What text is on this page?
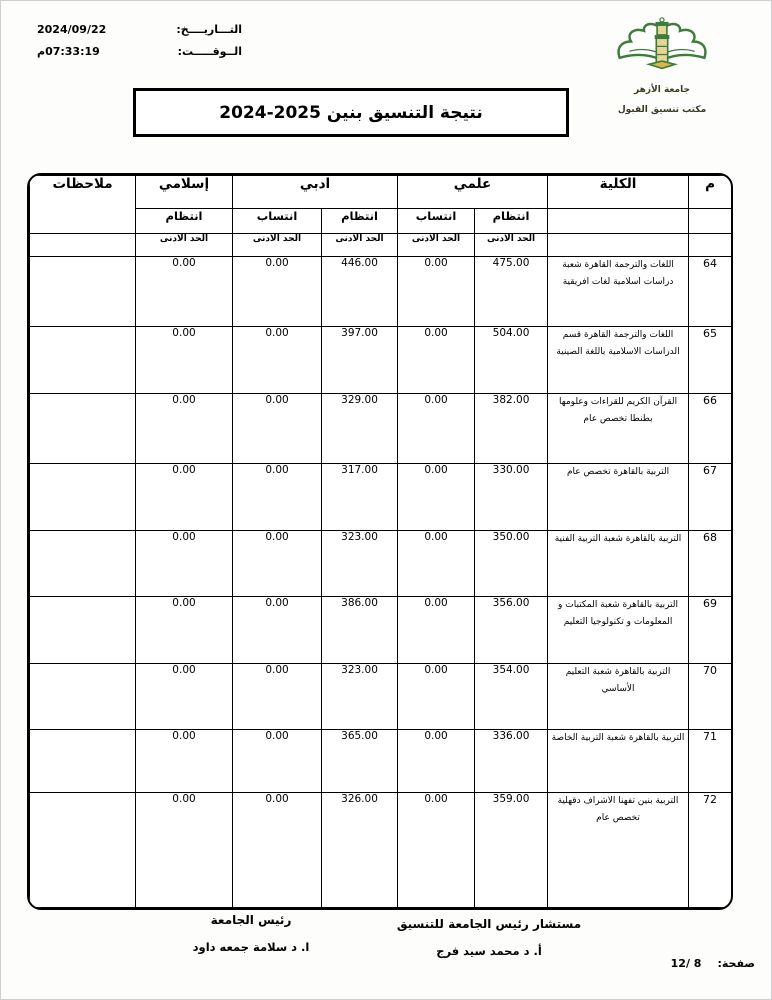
التـــاريــــخ:
2024/09/22
الــوقـــــت:
07:33:19م
جامعة الأزهر
مكتب تنسيق القبول
نتيجة التنسيق بنين 2025-2024
م	الكلية	علمي		ادبي		إسلامي	ملاحظات
		انتظام	انتساب	انتظام	انتساب	انتظام	
		الحد الادنى	الحد الادنى	الحد الادنى	الحد الادنى	الحد الادنى	
64	اللغات والترجمة القاهرة شعبة دراسات اسلامية لغات افريقية	475.00	0.00	446.00	0.00	0.00	
65	اللغات والترجمة القاهرة قسم الدراسات الاسلامية باللغة الصينية	504.00	0.00	397.00	0.00	0.00	
66	القرآن الكريم للقراءات وعلومها بطنطا تخصص عام	382.00	0.00	329.00	0.00	0.00	
67	التربية بالقاهرة تخصص عام	330.00	0.00	317.00	0.00	0.00	
68	التربية بالقاهرة شعبة التربية الفنية	350.00	0.00	323.00	0.00	0.00	
69	التربية بالقاهرة شعبة المكتبات و المعلومات و تكنولوجيا التعليم	356.00	0.00	386.00	0.00	0.00	
70	التربية بالقاهرة شعبة التعليم الأساسي	354.00	0.00	323.00	0.00	0.00	
71	التربية بالقاهرة شعبة التربية الخاصة	336.00	0.00	365.00	0.00	0.00	
72	التربية بنين تفهنا الاشراف دقهلية تخصص عام	359.00	0.00	326.00	0.00	0.00	
مستشار رئيس الجامعة للتنسيق
أ. د محمد سيد فرج
رئيس الجامعة
ا. د سلامة جمعه داود
صفحة:
12/ 8
